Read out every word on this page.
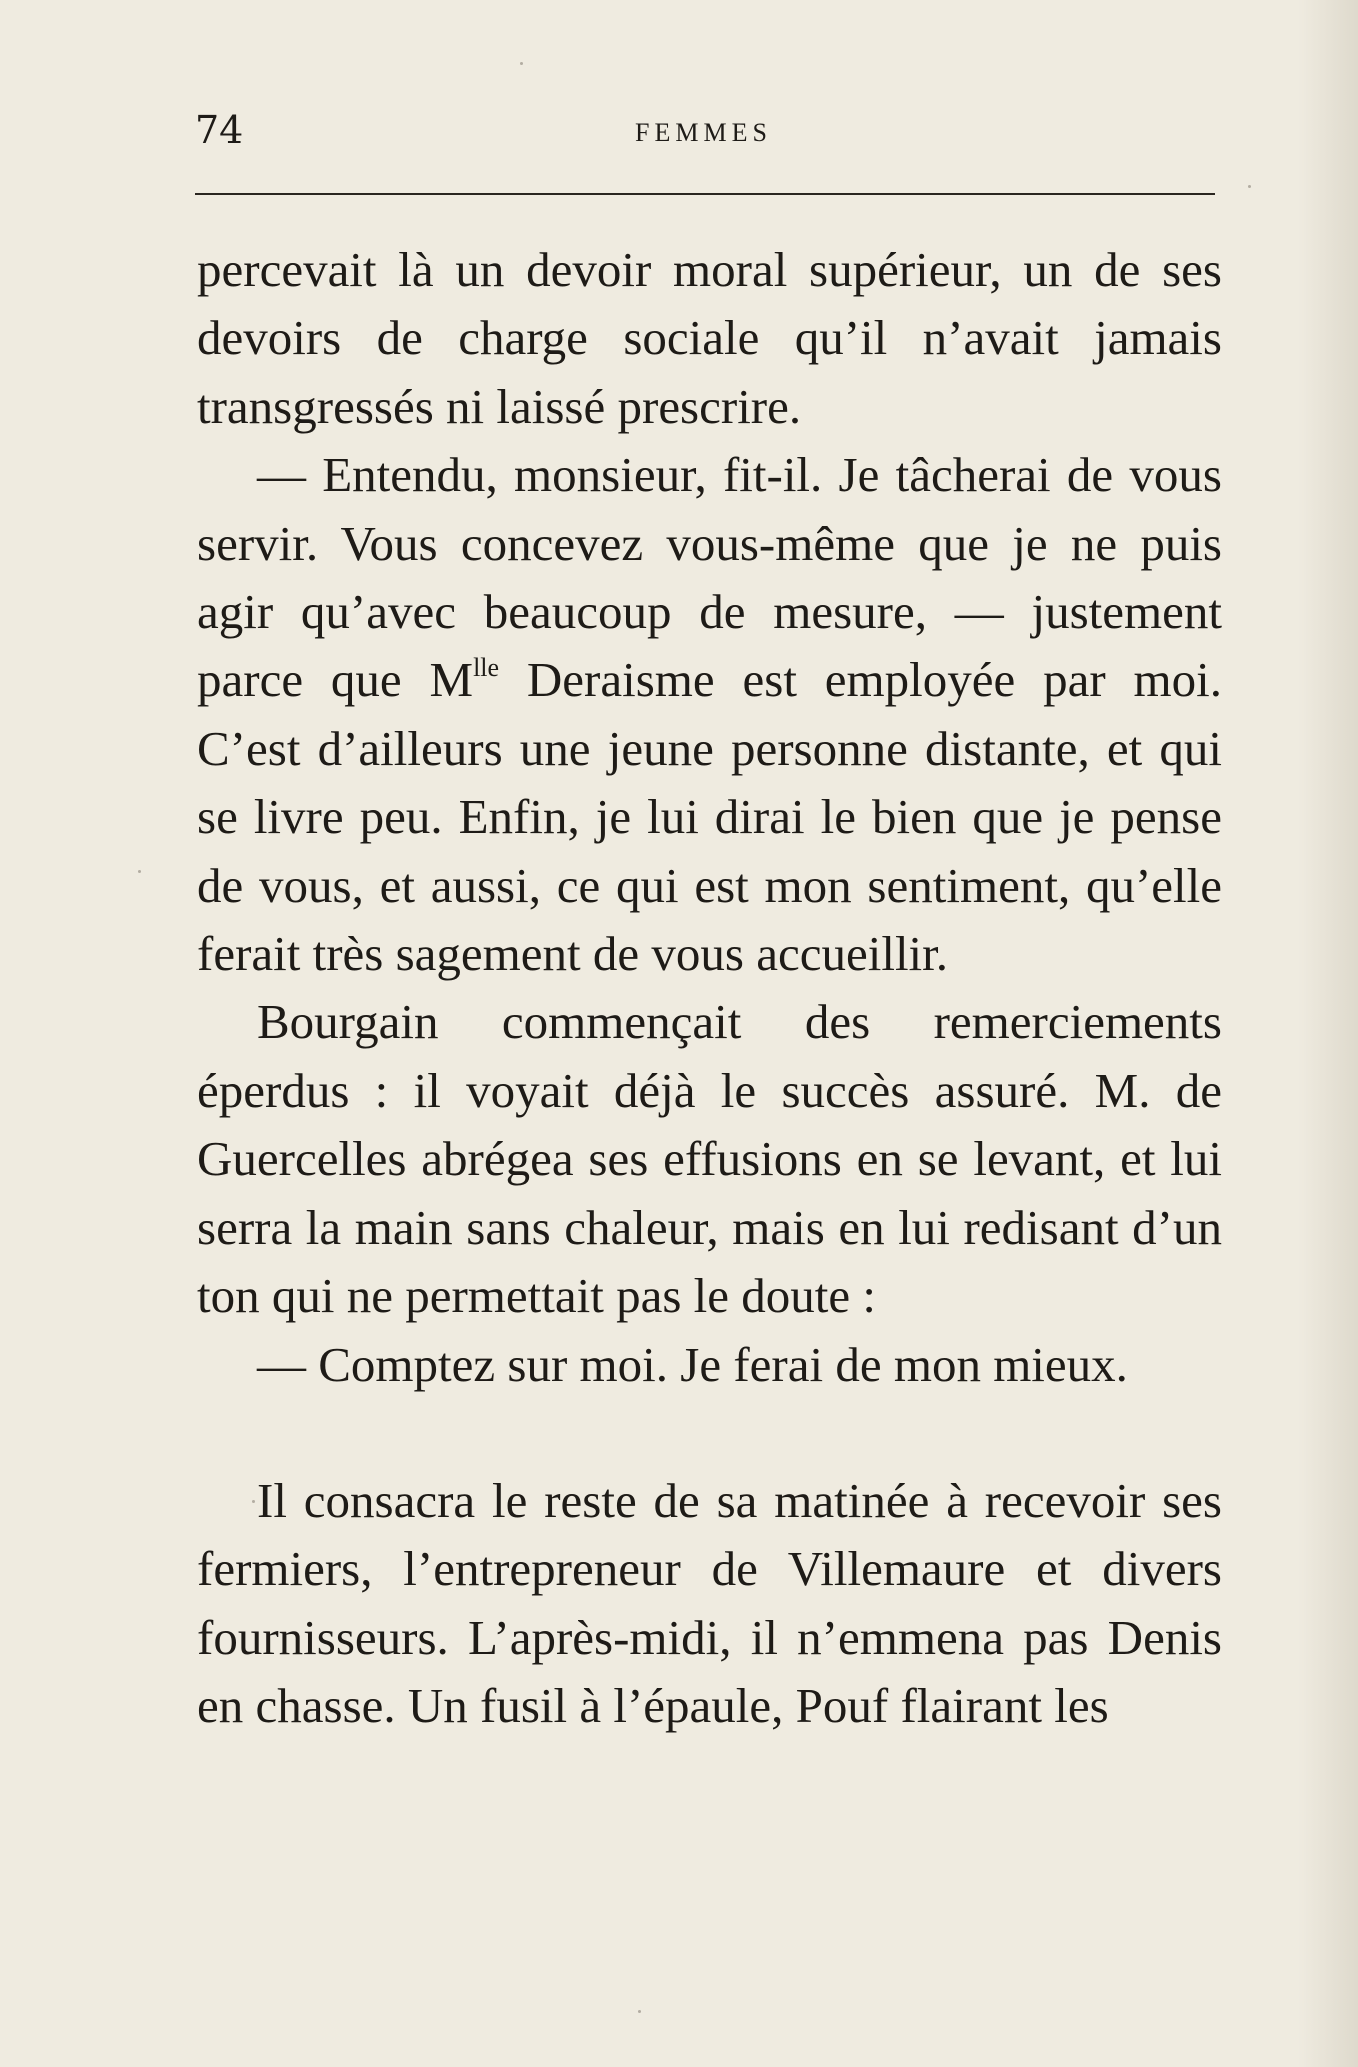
74	FEMMES

percevait là un devoir moral supérieur, un de ses devoirs de charge sociale qu’il n’avait jamais transgressés ni laissé prescrire.

— Entendu, monsieur, fit-il. Je tâcherai de vous servir. Vous concevez vous-même que je ne puis agir qu’avec beaucoup de mesure, — justement parce que $M^{lle}$ Deraisme est employée par moi. C’est d’ailleurs une jeune personne distante, et qui se livre peu. Enfin, je lui dirai le bien que je pense de vous, et aussi, ce qui est mon sentiment, qu’elle ferait très sagement de vous accueillir.

Bourgain commençait des remerciements éperdus : il voyait déjà le succès assuré. M. de Guercelles abrégea ses effusions en se levant, et lui serra la main sans chaleur, mais en lui redisant d’un ton qui ne permettait pas le doute :

— Comptez sur moi. Je ferai de mon mieux.

Il consacra le reste de sa matinée à recevoir ses fermiers, l’entrepreneur de Villemaure et divers fournisseurs. L’après-midi, il n’emmena pas Denis en chasse. Un fusil à l’épaule, Pouf flairant les
